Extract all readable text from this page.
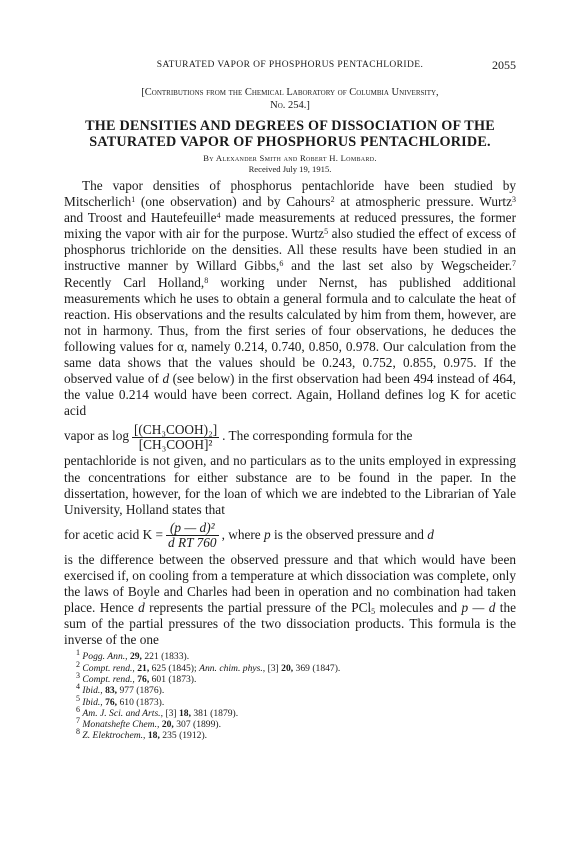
SATURATED VAPOR OF PHOSPHORUS PENTACHLORIDE.	2055
[Contributions from the Chemical Laboratory of Columbia University,
No. 254.]
THE DENSITIES AND DEGREES OF DISSOCIATION OF THE
SATURATED VAPOR OF PHOSPHORUS PENTACHLORIDE.
By Alexander Smith and Robert H. Lombard.
Received July 19, 1915.

The vapor densities of phosphorus pentachloride have been studied by Mitscherlich$^1$ (one observation) and by Cahours$^2$ at atmospheric pressure. Wurtz$^3$ and Troost and Hautefeuille$^4$ made measurements at reduced pressures, the former mixing the vapor with air for the purpose. Wurtz$^5$ also studied the effect of excess of phosphorus trichloride on the densities. All these results have been studied in an instructive manner by Willard Gibbs,$^6$ and the last set also by Wegscheider.$^7$ Recently Carl Holland,$^8$ working under Nernst, has published additional measurements which he uses to obtain a general formula and to calculate the heat of reaction. His observations and the results calculated by him from them, however, are not in harmony. Thus, from the first series of four observations, he deduces the following values for α, namely 0.214, 0.740, 0.850, 0.978. Our calculation from the same data shows that the values should be 0.243, 0.752, 0.855, 0.975. If the observed value of d (see below) in the first observation had been 494 instead of 464, the value 0.214 would have been correct. Again, Holland defines log K for acetic acid

vapor as $\log \frac{\text{[(CH₃COOH)₂]}}{\text{[CH₃COOH]²}}$ . The corresponding formula for the

pentachloride is not given, and no particulars as to the units employed in expressing the concentrations for either substance are to be found in the paper. In the dissertation, however, for the loan of which we are indebted to the Librarian of Yale University, Holland states that

for acetic acid $K = \frac{\text{(p — d)²}}{\text{d RT 760}}$ , where p is the observed pressure and d

is the difference between the observed pressure and that which would have been exercised if, on cooling from a temperature at which dissociation was complete, only the laws of Boyle and Charles had been in operation and no combination had taken place. Hence d represents the partial pressure of the PCl$_5$ molecules and p — d the sum of the partial pressures of the two dissociation products. This formula is the inverse of the one

$^1$ Pogg. Ann., 29, 221 (1833).
$^2$ Compt. rend., 21, 625 (1845); Ann. chim. phys., [3] 20, 369 (1847).
$^3$ Compt. rend., 76, 601 (1873).
$^4$ Ibid., 83, 977 (1876).
$^5$ Ibid., 76, 610 (1873).
$^6$ Am. J. Sci. and Arts., [3] 18, 381 (1879).
$^7$ Monatshefte Chem., 20, 307 (1899).
$^8$ Z. Elektrochem., 18, 235 (1912).
